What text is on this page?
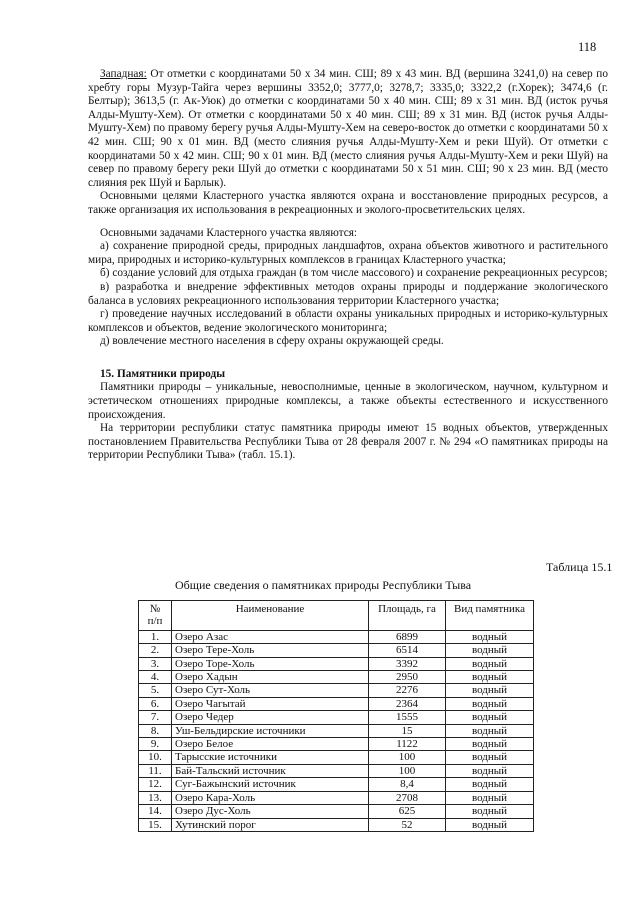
118

Западная: От отметки с координатами 50 х 34 мин. СШ; 89 х 43 мин. ВД (вершина 3241,0) на север по хребту горы Музур-Тайга через вершины 3352,0; 3777,0; 3278,7; 3335,0; 3322,2 (г.Хорек); 3474,6 (г. Белтыр); 3613,5 (г. Ак-Уюк) до отметки с координатами 50 х 40 мин. СШ; 89 х 31 мин. ВД (исток ручья Алды-Мушту-Хем). От отметки с координатами 50 х 40 мин. СШ; 89 х 31 мин. ВД (исток ручья Алды-Мушту-Хем) по правому берегу ручья Алды-Мушту-Хем на северо-восток до отметки с координатами 50 х 42 мин. СШ; 90 х 01 мин. ВД (место слияния ручья Алды-Мушту-Хем и реки Шуй). От отметки с координатами 50 х 42 мин. СШ; 90 х 01 мин. ВД (место слияния ручья Алды-Мушту-Хем и реки Шуй) на север по правому берегу реки Шуй до отметки с координатами 50 х 51 мин. СШ; 90 х 23 мин. ВД (место слияния рек Шуй и Барлык).

Основными целями Кластерного участка являются охрана и восстановление природных ресурсов, а также организация их использования в рекреационных и эколого-просветительских целях.

Основными задачами Кластерного участка являются:

а) сохранение природной среды, природных ландшафтов, охрана объектов животного и растительного мира, природных и историко-культурных комплексов в границах Кластерного участка;

б) создание условий для отдыха граждан (в том числе массового) и сохранение рекреационных ресурсов;

в) разработка и внедрение эффективных методов охраны природы и поддержание экологического баланса в условиях рекреационного использования территории Кластерного участка;

г) проведение научных исследований в области охраны уникальных природных и историко-культурных комплексов и объектов, ведение экологического мониторинга;

д) вовлечение местного населения в сферу охраны окружающей среды.

15. Памятники природы

Памятники природы – уникальные, невосполнимые, ценные в экологическом, научном, культурном и эстетическом отношениях природные комплексы, а также объекты естественного и искусственного происхождения.

На территории республики статус памятника природы имеют 15 водных объектов, утвержденных постановлением Правительства Республики Тыва от 28 февраля 2007 г. № 294 «О памятниках природы на территории Республики Тыва» (табл. 15.1).

Таблица 15.1
Общие сведения о памятниках природы Республики Тыва
№
п/п	Наименование	Площадь, га	Вид памятника
1.	Озеро Азас	6899	водный
2.	Озеро Тере-Холь	6514	водный
3.	Озеро Торе-Холь	3392	водный
4.	Озеро Хадын	2950	водный
5.	Озеро Сут-Холь	2276	водный
6.	Озеро Чагытай	2364	водный
7.	Озеро Чедер	1555	водный
8.	Уш-Бельдирские источники	15	водный
9.	Озеро Белое	1122	водный
10.	Тарысские источники	100	водный
11.	Бай-Тальский источник	100	водный
12.	Суг-Бажынский источник	8,4	водный
13.	Озеро Кара-Холь	2708	водный
14.	Озеро Дус-Холь	625	водный
15.	Хутинский порог	52	водный
